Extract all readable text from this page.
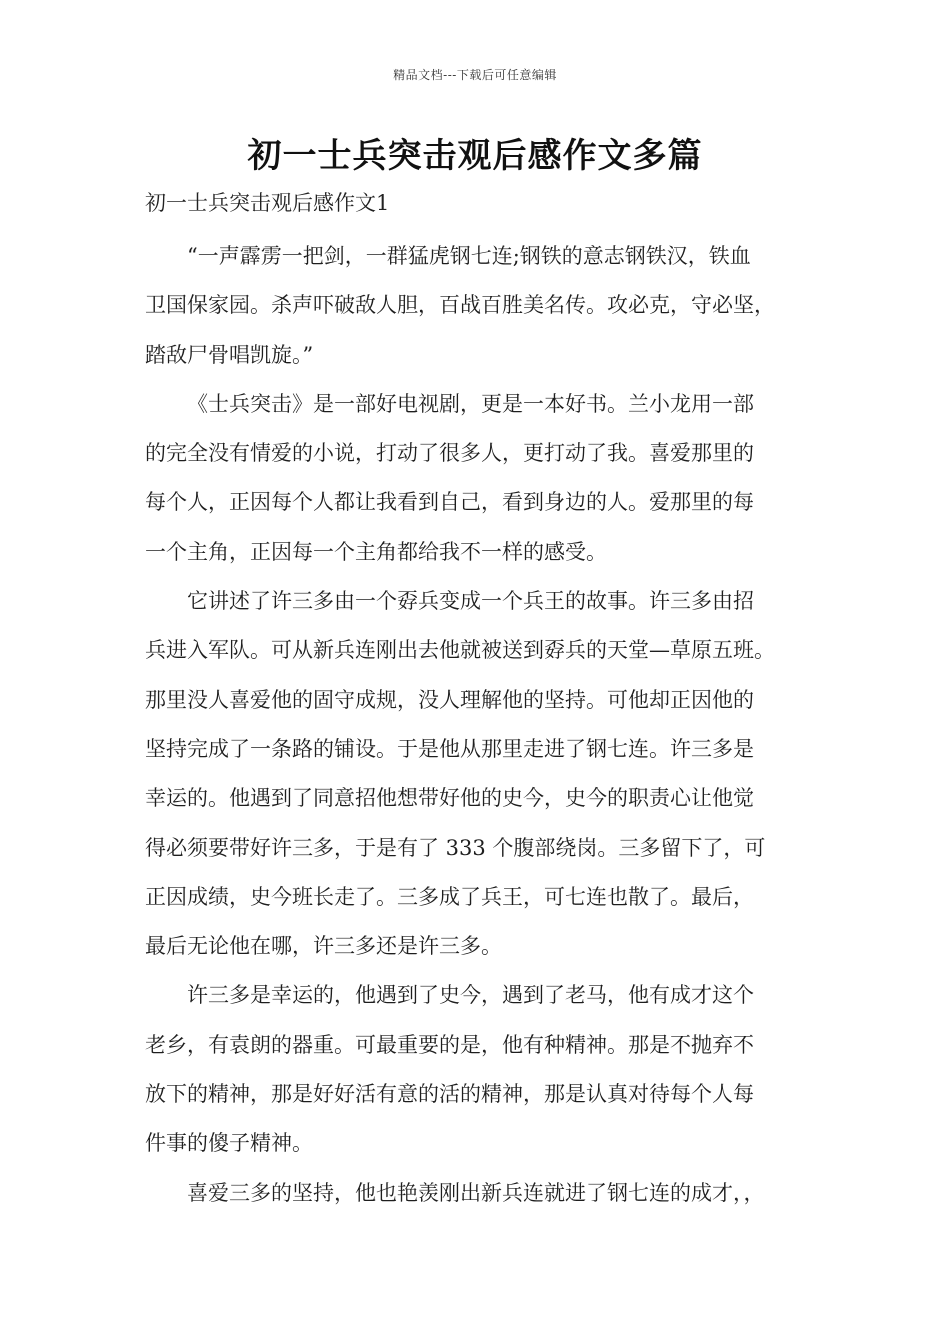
精品文档---下载后可任意编辑
初一士兵突击观后感作文多篇
初一士兵突击观后感作文1
“一声霹雳一把剑，一群猛虎钢七连;钢铁的意志钢铁汉，铁血
卫国保家园。杀声吓破敌人胆，百战百胜美名传。攻必克，守必坚，
踏敌尸骨唱凯旋。”
《士兵突击》是一部好电视剧，更是一本好书。兰小龙用一部
的完全没有情爱的小说，打动了很多人，更打动了我。喜爱那里的
每个人，正因每个人都让我看到自己，看到身边的人。爱那里的每
一个主角，正因每一个主角都给我不一样的感受。
它讲述了许三多由一个孬兵变成一个兵王的故事。许三多由招
兵进入军队。可从新兵连刚出去他就被送到孬兵的天堂—草原五班。
那里没人喜爱他的固守成规，没人理解他的坚持。可他却正因他的
坚持完成了一条路的铺设。于是他从那里走进了钢七连。许三多是
幸运的。他遇到了同意招他想带好他的史今，史今的职责心让他觉
得必须要带好许三多，于是有了 333 个腹部绕岗。三多留下了，可
正因成绩，史今班长走了。三多成了兵王，可七连也散了。最后，
最后无论他在哪，许三多还是许三多。
许三多是幸运的，他遇到了史今，遇到了老马，他有成才这个
老乡，有袁朗的器重。可最重要的是，他有种精神。那是不抛弃不
放下的精神，那是好好活有意的活的精神，那是认真对待每个人每
件事的傻子精神。
喜爱三多的坚持，他也艳羡刚出新兵连就进了钢七连的成才，，
